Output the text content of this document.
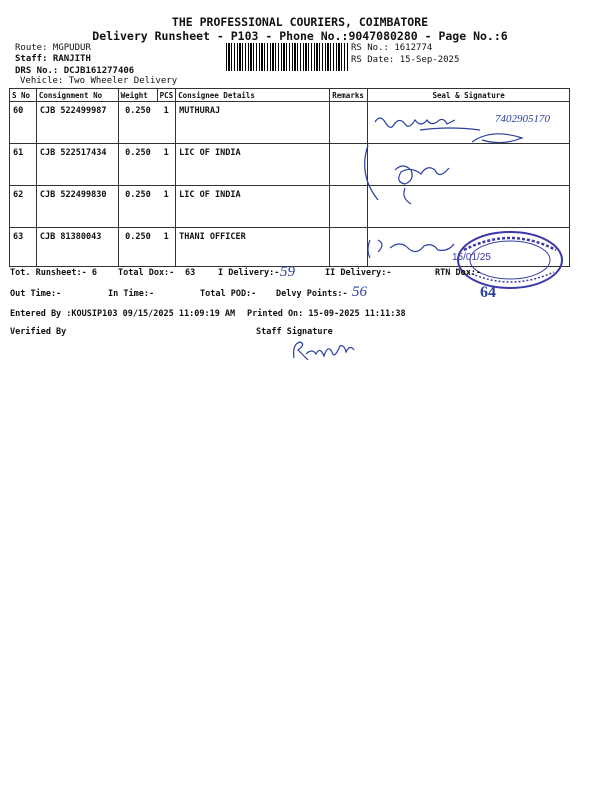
THE PROFESSIONAL COURIERS, COIMBATORE
Delivery Runsheet - P103 - Phone No.:9047080280 - Page No.:6
Route: MGPUDUR
Staff: RANJITH
DRS No.: DCJB161277406
Vehicle: Two Wheeler Delivery
RS No.: 1612774
RS Date: 15-Sep-2025
S No	Consignment No	Weight	PCS	Consignee Details	Remarks	Seal & Signature
60	CJB 522499987	0.250	1	MUTHURAJ		
61	CJB 522517434	0.250	1	LIC OF INDIA		
62	CJB 522499830	0.250	1	LIC OF INDIA		
63	CJB 81380043	0.250	1	THANI OFFICER		
7402905170
15/01/25
Tot. Runsheet:- 6 Total Dox:- 63	I Delivery:-	II Delivery:-	RTN Dox:-
Out Time:-	In Time:-	Total POD:- Delvy Points:-
59
56	64
Entered By :KOUSIP103 09/15/2025 11:09:19 AM Printed On: 15-09-2025 11:11:38
Verified By	Staff Signature
